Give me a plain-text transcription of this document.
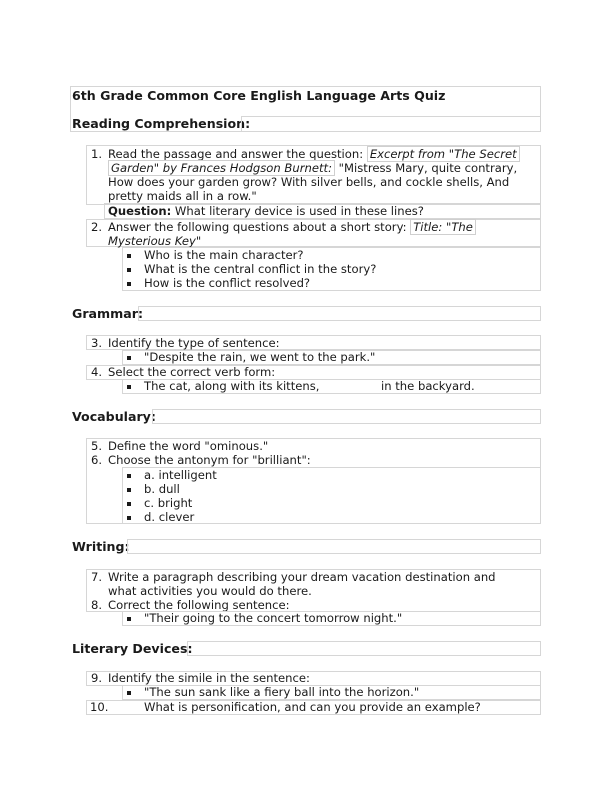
6th Grade Common Core English Language Arts Quiz
Reading Comprehension:
1. Read the passage and answer the question: Excerpt from "The Secret
Garden" by Frances Hodgson Burnett: "Mistress Mary, quite contrary,
How does your garden grow? With silver bells, and cockle shells, And
pretty maids all in a row."
Question: What literary device is used in these lines?
2. Answer the following questions about a short story: Title: "The
Mysterious Key"
Who is the main character?
What is the central conflict in the story?
How is the conflict resolved?
Grammar:
3. Identify the type of sentence:
"Despite the rain, we went to the park."
4. Select the correct verb form:
The cat, along with its kittens,	in the backyard.
Vocabulary:
5. Define the word "ominous."
6. Choose the antonym for "brilliant":
a. intelligent
b. dull
c. bright
d. clever
Writing:
7. Write a paragraph describing your dream vacation destination and
what activities you would do there.
8. Correct the following sentence:
"Their going to the concert tomorrow night."
Literary Devices:
9. Identify the simile in the sentence:
"The sun sank like a fiery ball into the horizon."
10.	What is personification, and can you provide an example?
